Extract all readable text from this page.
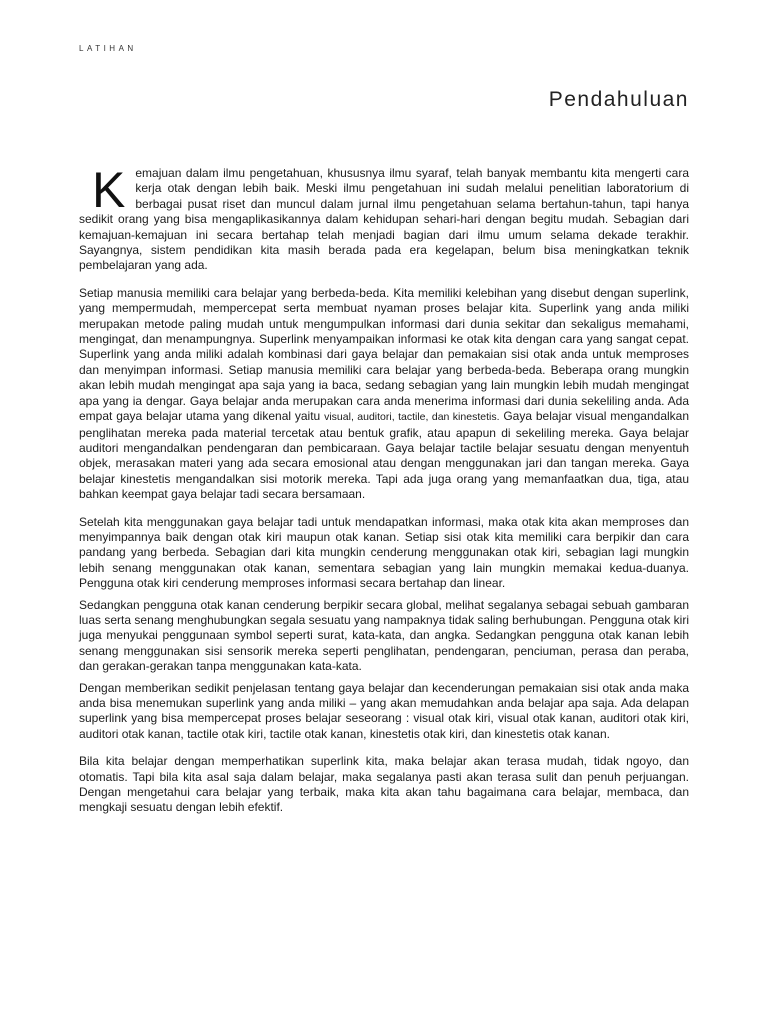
LATIHAN
Pendahuluan

Kemajuan dalam ilmu pengetahuan, khususnya ilmu syaraf, telah banyak membantu kita mengerti cara kerja otak dengan lebih baik. Meski ilmu pengetahuan ini sudah melalui penelitian laboratorium di berbagai pusat riset dan muncul dalam jurnal ilmu pengetahuan selama bertahun-tahun, tapi hanya sedikit orang yang bisa mengaplikasikannya dalam kehidupan sehari-hari dengan begitu mudah. Sebagian dari kemajuan-kemajuan ini secara bertahap telah menjadi bagian dari ilmu umum selama dekade terakhir. Sayangnya, sistem pendidikan kita masih berada pada era kegelapan, belum bisa meningkatkan teknik pembelajaran yang ada.

Setiap manusia memiliki cara belajar yang berbeda-beda. Kita memiliki kelebihan yang disebut dengan superlink, yang mempermudah, mempercepat serta membuat nyaman proses belajar kita. Superlink yang anda miliki merupakan metode paling mudah untuk mengumpulkan informasi dari dunia sekitar dan sekaligus memahami, mengingat, dan menampungnya. Superlink menyampaikan informasi ke otak kita dengan cara yang sangat cepat. Superlink yang anda miliki adalah kombinasi dari gaya belajar dan pemakaian sisi otak anda untuk memproses dan menyimpan informasi. Setiap manusia memiliki cara belajar yang berbeda-beda. Beberapa orang mungkin akan lebih mudah mengingat apa saja yang ia baca, sedang sebagian yang lain mungkin lebih mudah mengingat apa yang ia dengar. Gaya belajar anda merupakan cara anda menerima informasi dari dunia sekeliling anda. Ada empat gaya belajar utama yang dikenal yaitu visual, auditori, tactile, dan kinestetis. Gaya belajar visual mengandalkan penglihatan mereka pada material tercetak atau bentuk grafik, atau apapun di sekeliling mereka. Gaya belajar auditori mengandalkan pendengaran dan pembicaraan. Gaya belajar tactile belajar sesuatu dengan menyentuh objek, merasakan materi yang ada secara emosional atau dengan menggunakan jari dan tangan mereka. Gaya belajar kinestetis mengandalkan sisi motorik mereka. Tapi ada juga orang yang memanfaatkan dua, tiga, atau bahkan keempat gaya belajar tadi secara bersamaan.

Setelah kita menggunakan gaya belajar tadi untuk mendapatkan informasi, maka otak kita akan memproses dan menyimpannya baik dengan otak kiri maupun otak kanan. Setiap sisi otak kita memiliki cara berpikir dan cara pandang yang berbeda. Sebagian dari kita mungkin cenderung menggunakan otak kiri, sebagian lagi mungkin lebih senang menggunakan otak kanan, sementara sebagian yang lain mungkin memakai kedua-duanya. Pengguna otak kiri cenderung memproses informasi secara bertahap dan linear.

Sedangkan pengguna otak kanan cenderung berpikir secara global, melihat segalanya sebagai sebuah gambaran luas serta senang menghubungkan segala sesuatu yang nampaknya tidak saling berhubungan. Pengguna otak kiri juga menyukai penggunaan symbol seperti surat, kata-kata, dan angka. Sedangkan pengguna otak kanan lebih senang menggunakan sisi sensorik mereka seperti penglihatan, pendengaran, penciuman, perasa dan peraba, dan gerakan-gerakan tanpa menggunakan kata-kata.

Dengan memberikan sedikit penjelasan tentang gaya belajar dan kecenderungan pemakaian sisi otak anda maka anda bisa menemukan superlink yang anda miliki – yang akan memudahkan anda belajar apa saja. Ada delapan superlink yang bisa mempercepat proses belajar seseorang : visual otak kiri, visual otak kanan, auditori otak kiri, auditori otak kanan, tactile otak kiri, tactile otak kanan, kinestetis otak kiri, dan kinestetis otak kanan.

Bila kita belajar dengan memperhatikan superlink kita, maka belajar akan terasa mudah, tidak ngoyo, dan otomatis. Tapi bila kita asal saja dalam belajar, maka segalanya pasti akan terasa sulit dan penuh perjuangan. Dengan mengetahui cara belajar yang terbaik, maka kita akan tahu bagaimana cara belajar, membaca, dan mengkaji sesuatu dengan lebih efektif.
